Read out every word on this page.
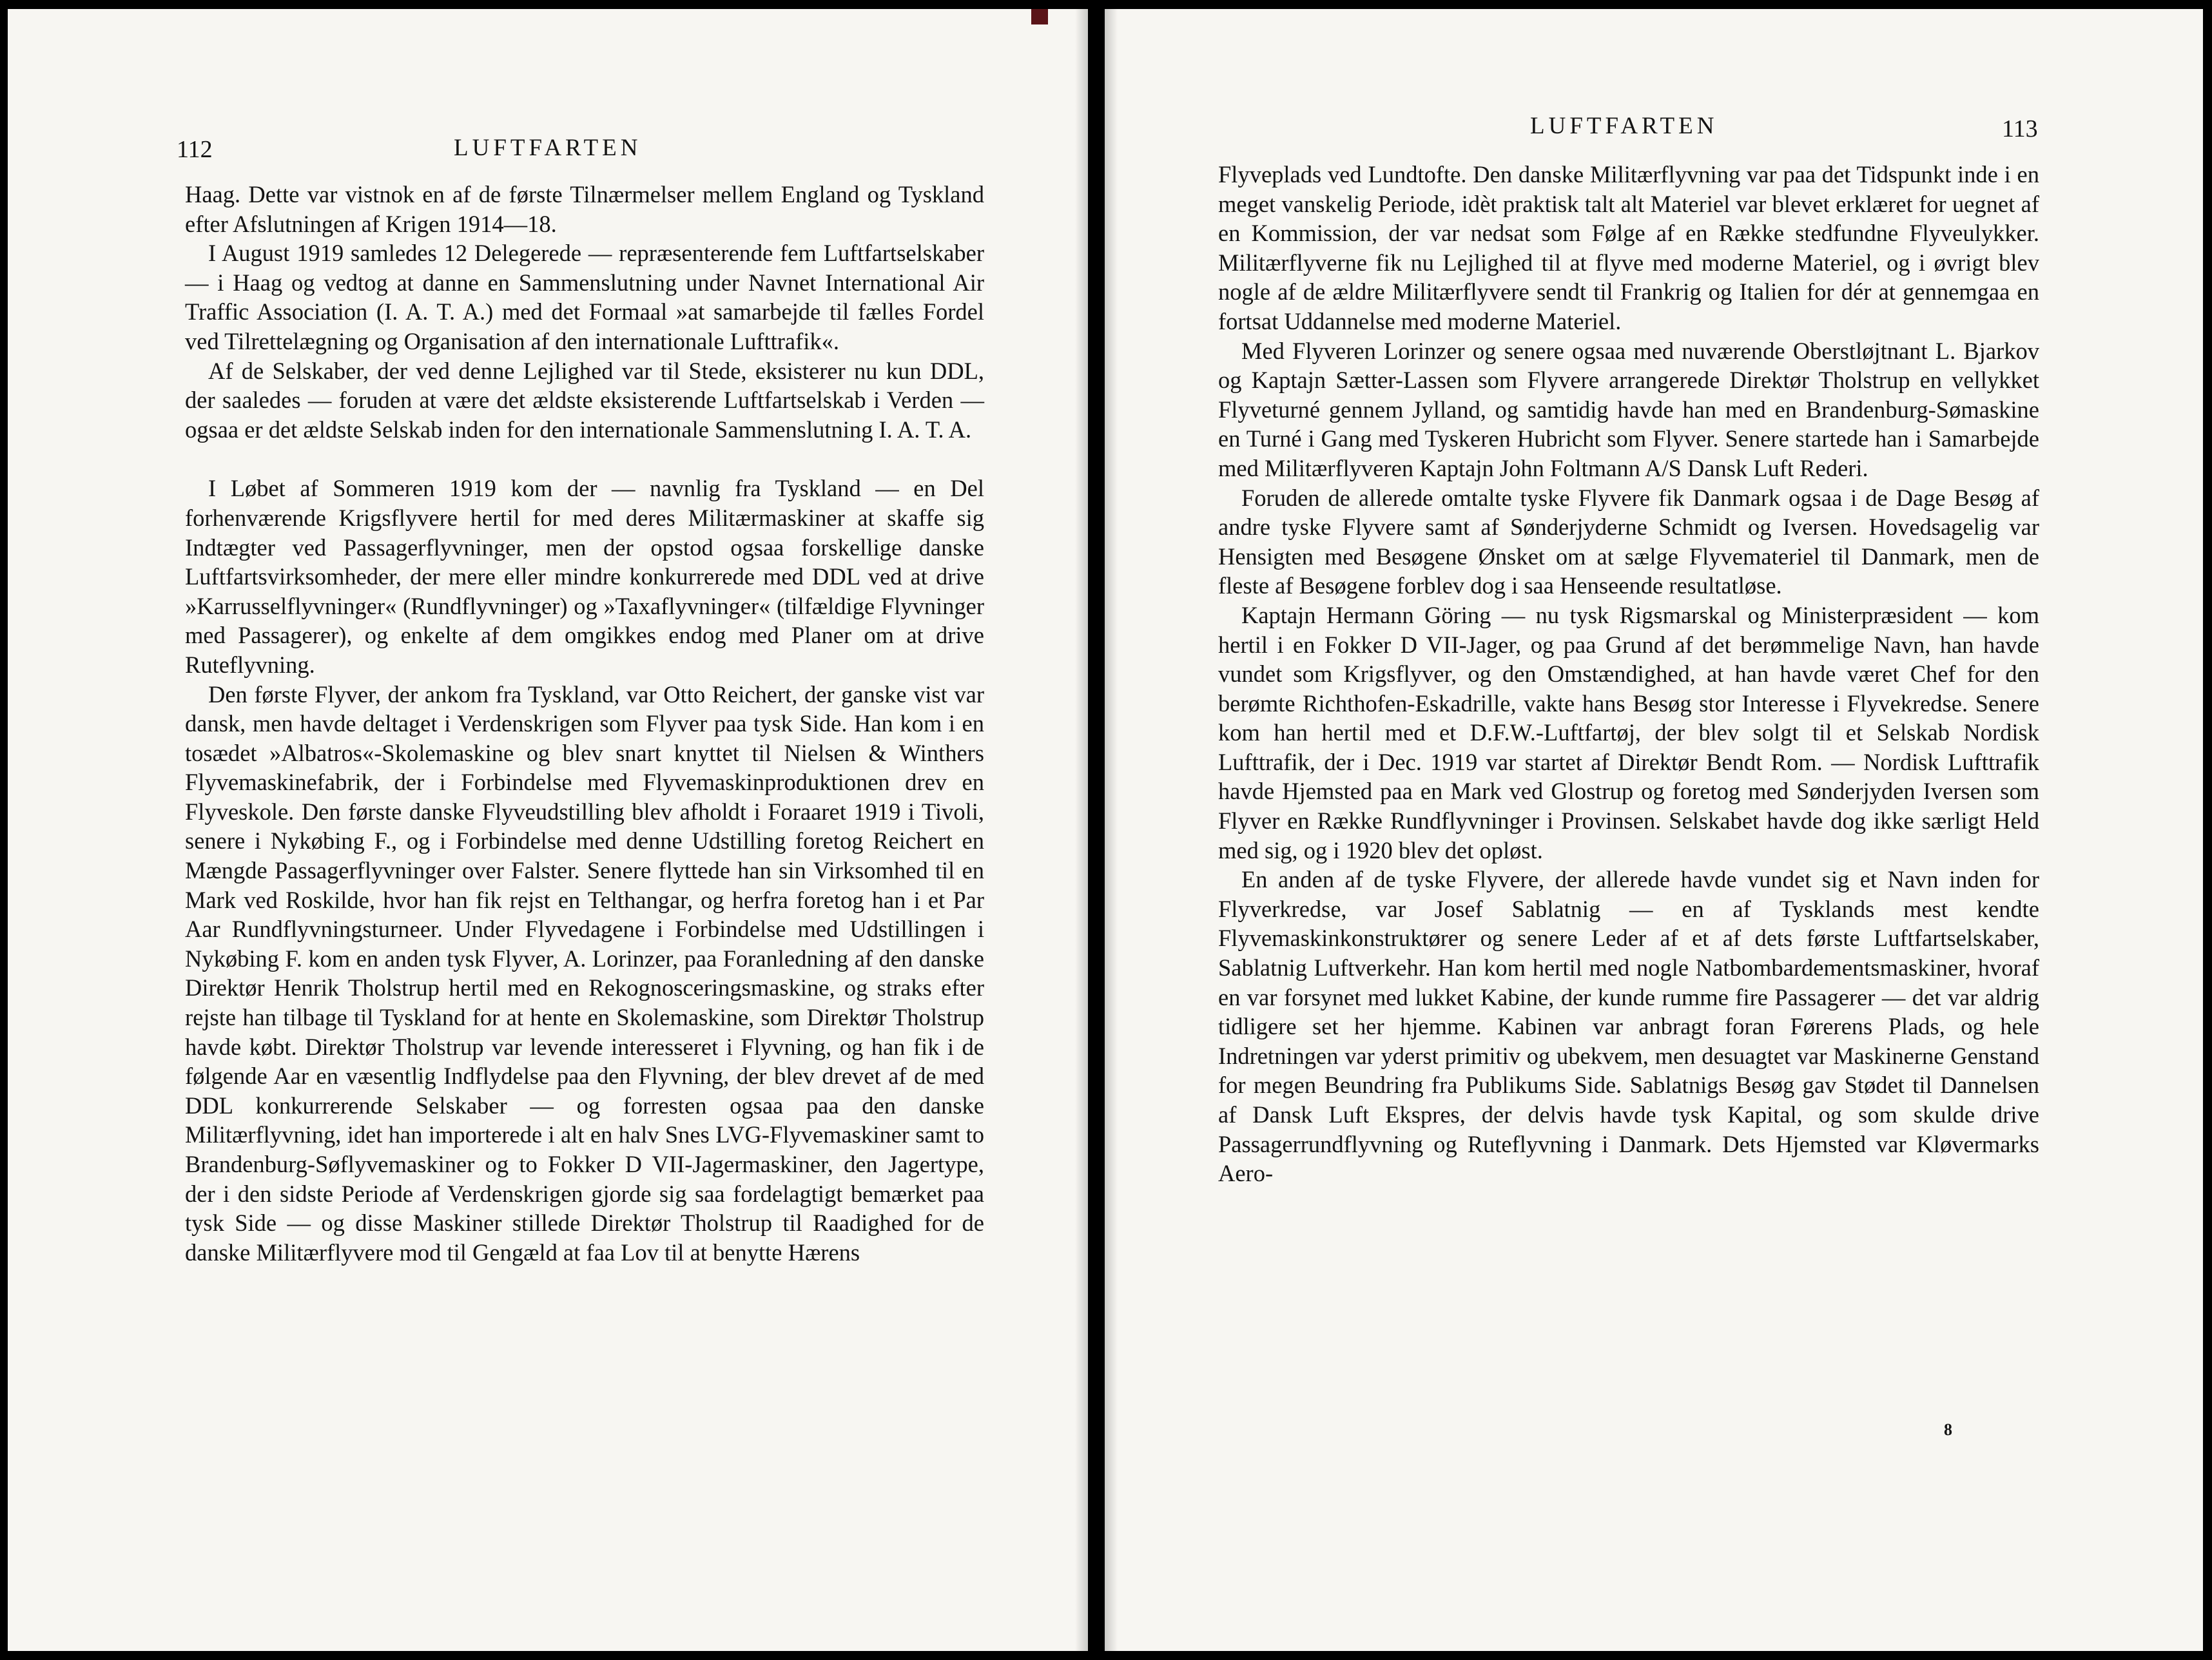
112	LUFTFARTEN

Haag. Dette var vistnok en af de første Tilnærmelser mellem England og Tyskland efter Afslutningen af Krigen 1914—18.

I August 1919 samledes 12 Delegerede — repræsenterende fem Luftfartselskaber — i Haag og vedtog at danne en Sammenslutning under Navnet International Air Traffic Association (I. A. T. A.) med det Formaal »at samarbejde til fælles Fordel ved Tilrettelægning og Organisation af den internationale Lufttrafik«.

Af de Selskaber, der ved denne Lejlighed var til Stede, eksisterer nu kun DDL, der saaledes — foruden at være det ældste eksisterende Luftfartselskab i Verden — ogsaa er det ældste Selskab inden for den internationale Sammenslutning I. A. T. A.

I Løbet af Sommeren 1919 kom der — navnlig fra Tyskland — en Del forhenværende Krigsflyvere hertil for med deres Militærmaskiner at skaffe sig Indtægter ved Passagerflyvninger, men der opstod ogsaa forskellige danske Luftfartsvirksomheder, der mere eller mindre konkurrerede med DDL ved at drive »Karrusselflyvninger« (Rundflyvninger) og »Taxaflyvninger« (tilfældige Flyvninger med Passagerer), og enkelte af dem omgikkes endog med Planer om at drive Ruteflyvning.

Den første Flyver, der ankom fra Tyskland, var Otto Reichert, der ganske vist var dansk, men havde deltaget i Verdenskrigen som Flyver paa tysk Side. Han kom i en tosædet »Albatros«-Skolemaskine og blev snart knyttet til Nielsen & Winthers Flyvemaskinefabrik, der i Forbindelse med Flyvemaskinproduktionen drev en Flyveskole. Den første danske Flyveudstilling blev afholdt i Foraaret 1919 i Tivoli, senere i Nykøbing F., og i Forbindelse med denne Udstilling foretog Reichert en Mængde Passagerflyvninger over Falster. Senere flyttede han sin Virksomhed til en Mark ved Roskilde, hvor han fik rejst en Telthangar, og herfra foretog han i et Par Aar Rundflyvningsturneer. Under Flyvedagene i Forbindelse med Udstillingen i Nykøbing F. kom en anden tysk Flyver, A. Lorinzer, paa Foranledning af den danske Direktør Henrik Tholstrup hertil med en Rekognosceringsmaskine, og straks efter rejste han tilbage til Tyskland for at hente en Skolemaskine, som Direktør Tholstrup havde købt. Direktør Tholstrup var levende interesseret i Flyvning, og han fik i de følgende Aar en væsentlig Indflydelse paa den Flyvning, der blev drevet af de med DDL konkurrerende Selskaber — og forresten ogsaa paa den danske Militærflyvning, idet han importerede i alt en halv Snes LVG-Flyvemaskiner samt to Brandenburg-Søflyvemaskiner og to Fokker D VII-Jagermaskiner, den Jagertype, der i den sidste Periode af Verdenskrigen gjorde sig saa fordelagtigt bemærket paa tysk Side — og disse Maskiner stillede Direktør Tholstrup til Raadighed for de danske Militærflyvere mod til Gengæld at faa Lov til at benytte Hærens

LUFTFARTEN	113

Flyveplads ved Lundtofte. Den danske Militærflyvning var paa det Tidspunkt inde i en meget vanskelig Periode, idèt praktisk talt alt Materiel var blevet erklæret for uegnet af en Kommission, der var nedsat som Følge af en Række stedfundne Flyveulykker. Militærflyverne fik nu Lejlighed til at flyve med moderne Materiel, og i øvrigt blev nogle af de ældre Militærflyvere sendt til Frankrig og Italien for dér at gennemgaa en fortsat Uddannelse med moderne Materiel.

Med Flyveren Lorinzer og senere ogsaa med nuværende Oberstløjtnant L. Bjarkov og Kaptajn Sætter-Lassen som Flyvere arrangerede Direktør Tholstrup en vellykket Flyveturné gennem Jylland, og samtidig havde han med en Brandenburg-Sømaskine en Turné i Gang med Tyskeren Hubricht som Flyver. Senere startede han i Samarbejde med Militærflyveren Kaptajn John Foltmann A/S Dansk Luft Rederi.

Foruden de allerede omtalte tyske Flyvere fik Danmark ogsaa i de Dage Besøg af andre tyske Flyvere samt af Sønderjyderne Schmidt og Iversen. Hovedsagelig var Hensigten med Besøgene Ønsket om at sælge Flyvemateriel til Danmark, men de fleste af Besøgene forblev dog i saa Henseende resultatløse.

Kaptajn Hermann Göring — nu tysk Rigsmarskal og Ministerpræsident — kom hertil i en Fokker D VII-Jager, og paa Grund af det berømmelige Navn, han havde vundet som Krigsflyver, og den Omstændighed, at han havde været Chef for den berømte Richthofen-Eskadrille, vakte hans Besøg stor Interesse i Flyvekredse. Senere kom han hertil med et D.F.W.-Luftfartøj, der blev solgt til et Selskab Nordisk Lufttrafik, der i Dec. 1919 var startet af Direktør Bendt Rom. — Nordisk Lufttrafik havde Hjemsted paa en Mark ved Glostrup og foretog med Sønderjyden Iversen som Flyver en Række Rundflyvninger i Provinsen. Selskabet havde dog ikke særligt Held med sig, og i 1920 blev det opløst.

En anden af de tyske Flyvere, der allerede havde vundet sig et Navn inden for Flyverkredse, var Josef Sablatnig — en af Tysklands mest kendte Flyvemaskinkonstruktører og senere Leder af et af dets første Luftfartselskaber, Sablatnig Luftverkehr. Han kom hertil med nogle Natbombardementsmaskiner, hvoraf en var forsynet med lukket Kabine, der kunde rumme fire Passagerer — det var aldrig tidligere set her hjemme. Kabinen var anbragt foran Førerens Plads, og hele Indretningen var yderst primitiv og ubekvem, men desuagtet var Maskinerne Genstand for megen Beundring fra Publikums Side. Sablatnigs Besøg gav Stødet til Dannelsen af Dansk Luft Ekspres, der delvis havde tysk Kapital, og som skulde drive Passagerrundflyvning og Ruteflyvning i Danmark. Dets Hjemsted var Kløvermarks Aero-

8
